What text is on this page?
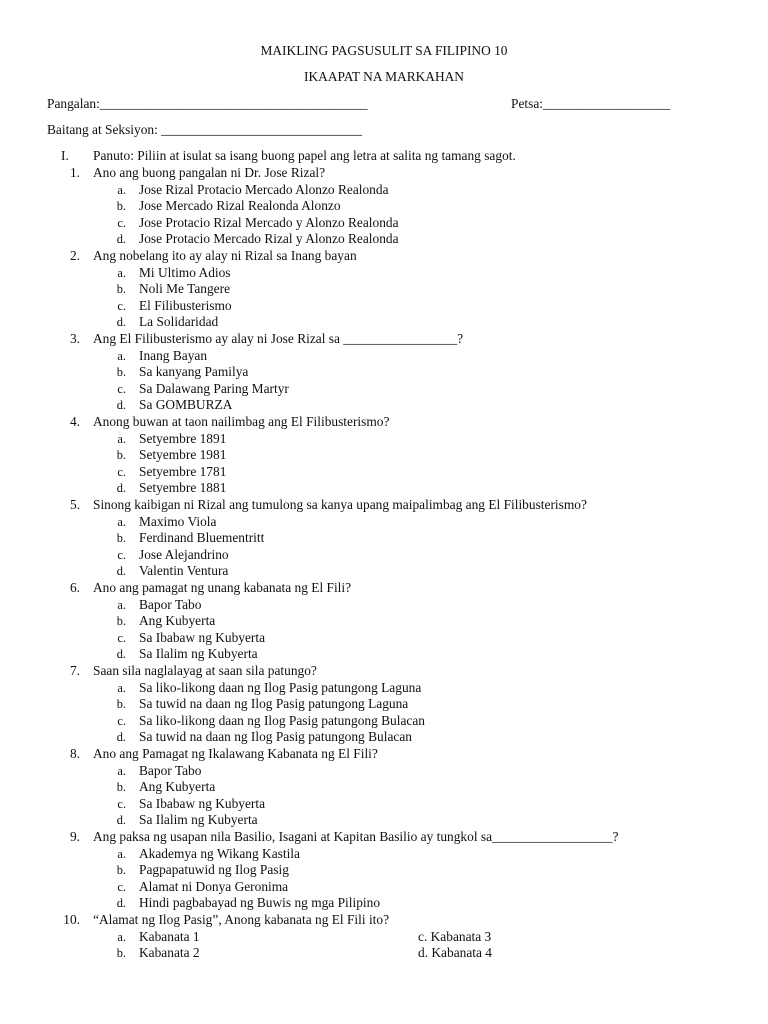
MAIKLING PAGSUSULIT SA FILIPINO 10
IKAAPAT NA MARKAHAN
Pangalan:________________________________________	Petsa:___________________
Baitang at Seksiyon: ______________________________
I. Panuto: Piliin at isulat sa isang buong papel ang letra at salita ng tamang sagot.
1. Ano ang buong pangalan ni Dr. Jose Rizal?
a. Jose Rizal Protacio Mercado Alonzo Realonda
b. Jose Mercado Rizal Realonda Alonzo
c. Jose Protacio Rizal Mercado y Alonzo Realonda
d. Jose Protacio Mercado Rizal y Alonzo Realonda
2. Ang nobelang ito ay alay ni Rizal sa Inang bayan
a. Mi Ultimo Adios
b. Noli Me Tangere
c. El Filibusterismo
d. La Solidaridad
3. Ang El Filibusterismo ay alay ni Jose Rizal sa _________________?
a. Inang Bayan
b. Sa kanyang Pamilya
c. Sa Dalawang Paring Martyr
d. Sa GOMBURZA
4. Anong buwan at taon nailimbag ang El Filibusterismo?
a. Setyembre 1891
b. Setyembre 1981
c. Setyembre 1781
d. Setyembre 1881
5. Sinong kaibigan ni Rizal ang tumulong sa kanya upang maipalimbag ang El Filibusterismo?
a. Maximo Viola
b. Ferdinand Bluementritt
c. Jose Alejandrino
d. Valentin Ventura
6. Ano ang pamagat ng unang kabanata ng El Fili?
a. Bapor Tabo
b. Ang Kubyerta
c. Sa Ibabaw ng Kubyerta
d. Sa Ilalim ng Kubyerta
7. Saan sila naglalayag at saan sila patungo?
a. Sa liko-likong daan ng Ilog Pasig patungong Laguna
b. Sa tuwid na daan ng Ilog Pasig patungong Laguna
c. Sa liko-likong daan ng Ilog Pasig patungong Bulacan
d. Sa tuwid na daan ng Ilog Pasig patungong Bulacan
8. Ano ang Pamagat ng Ikalawang Kabanata ng El Fili?
a. Bapor Tabo
b. Ang Kubyerta
c. Sa Ibabaw ng Kubyerta
d. Sa Ilalim ng Kubyerta
9. Ang paksa ng usapan nila Basilio, Isagani at Kapitan Basilio ay tungkol sa__________________?
a. Akademya ng Wikang Kastila
b. Pagpapatuwid ng Ilog Pasig
c. Alamat ni Donya Geronima
d. Hindi pagbabayad ng Buwis ng mga Pilipino
10. “Alamat ng Ilog Pasig”, Anong kabanata ng El Fili ito?
a. Kabanata 1
b. Kabanata 2
c. Kabanata 3
d. Kabanata 4
